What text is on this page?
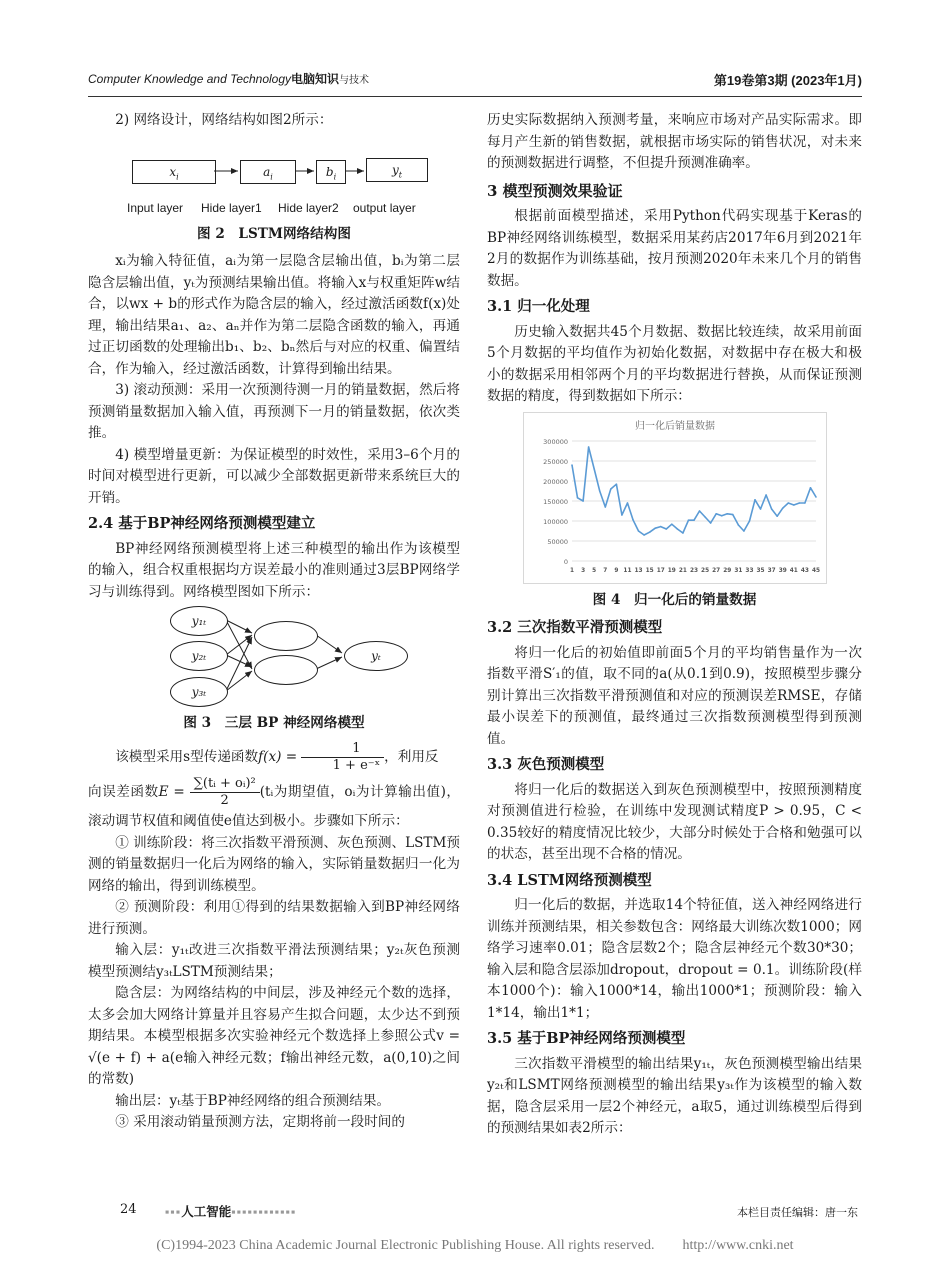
Computer Knowledge and Technology电脑知识与技术	第19卷第3期 (2023年1月)

2) 网络设计，网络结构如图2所示：

$x_i$	$a_i$	$b_i$	$y_t$
Input layer Hide layer1 Hide layer2 output layer

图 2　LSTM网络结构图

xᵢ为输入特征值，aᵢ为第一层隐含层输出值，bᵢ为第二层隐含层输出值，yₜ为预测结果输出值。将输入x与权重矩阵w结合，以wx + b的形式作为隐含层的输入，经过激活函数f(x)处理，输出结果a₁、a₂、aₙ并作为第二层隐含函数的输入，再通过正切函数的处理输出b₁、b₂、bₙ然后与对应的权重、偏置结合，作为输入，经过激活函数，计算得到输出结果。

3) 滚动预测：采用一次预测待测一月的销量数据，然后将预测销量数据加入输入值，再预测下一月的销量数据，依次类推。

4) 模型增量更新：为保证模型的时效性，采用3–6个月的时间对模型进行更新，可以减少全部数据更新带来系统巨大的开销。

2.4 基于BP神经网络预测模型建立

BP神经网络预测模型将上述三种模型的输出作为该模型的输入，组合权重根据均方误差最小的准则通过3层BP网络学习与训练得到。网络模型图如下所示：

y₁ₜ
y₂ₜ
y₃ₜ
yₜ

图 3　三层 BP 神经网络模型

该模型采用s型传递函数$f(x) = \frac{1}{\text{1 + e⁻ˣ}}$ ，利用反

向误差函数$E = \frac{\text{∑(tᵢ + oᵢ)²}}{2}$ (tᵢ为期望值，oᵢ为计算输出值)，滚动调节权值和阈值使e值达到极小。步骤如下所示：

① 训练阶段：将三次指数平滑预测、灰色预测、LSTM预测的销量数据归一化后为网络的输入，实际销量数据归一化为网络的输出，得到训练模型。

② 预测阶段：利用①得到的结果数据输入到BP神经网络进行预测。

输入层：y₁ₜ改进三次指数平滑法预测结果；y₂ₜ灰色预测模型预测结y₃ₜLSTM预测结果；

隐含层：为网络结构的中间层，涉及神经元个数的选择，太多会加大网络计算量并且容易产生拟合问题，太少达不到预期结果。本模型根据多次实验神经元个数选择上参照公式v = √(e + f) + a(e输入神经元数；f输出神经元数，a(0,10)之间的常数)

输出层：yₜ基于BP神经网络的组合预测结果。

③ 采用滚动销量预测方法，定期将前一段时间的

历史实际数据纳入预测考量，来响应市场对产品实际需求。即每月产生新的销售数据，就根据市场实际的销售状况，对未来的预测数据进行调整，不但提升预测准确率。

3 模型预测效果验证

根据前面模型描述，采用Python代码实现基于Keras的BP神经网络训练模型，数据采用某药店2017年6月到2021年2月的数据作为训练基础，按月预测2020年未来几个月的销售数据。

3.1 归一化处理

历史输入数据共45个月数据、数据比较连续，故采用前面5个月数据的平均值作为初始化数据，对数据中存在极大和极小的数据采用相邻两个月的平均数据进行替换，从而保证预测数据的精度，得到数据如下所示：

归一化后销量数据
0
50000
100000
150000
200000
250000
300000
1 3 5 7 9 11 13 15 17 19 21 23 25 27 29 31 33 35 37 39 41 43 45

图 4　归一化后的销量数据

3.2 三次指数平滑预测模型

将归一化后的初始值即前面5个月的平均销售量作为一次指数平滑S′₁的值，取不同的a(从0.1到0.9)，按照模型步骤分别计算出三次指数平滑预测值和对应的预测误差RMSE，存储最小误差下的预测值，最终通过三次指数预测模型得到预测值。

3.3 灰色预测模型

将归一化后的数据送入到灰色预测模型中，按照预测精度对预测值进行检验，在训练中发现测试精度P > 0.95，C < 0.35较好的精度情况比较少，大部分时候处于合格和勉强可以的状态，甚至出现不合格的情况。

3.4 LSTM网络预测模型

归一化后的数据，并选取14个特征值，送入神经网络进行训练并预测结果，相关参数包含：网络最大训练次数1000；网络学习速率0.01；隐含层数2个；隐含层神经元个数30*30；输入层和隐含层添加dropout，dropout = 0.1。训练阶段(样本1000个)：输入1000*14，输出1000*1；预测阶段：输入1*14，输出1*1；

3.5 基于BP神经网络预测模型

三次指数平滑模型的输出结果y₁ₜ，灰色预测模型输出结果y₂ₜ和LSMT网络预测模型的输出结果y₃ₜ作为该模型的输入数据，隐含层采用一层2个神经元，a取5，通过训练模型后得到的预测结果如表2所示：

24 ▪▪▪人工智能▪▪▪▪▪▪▪▪▪▪▪▪	本栏目责任编辑：唐一东
(C)1994-2023 China Academic Journal Electronic Publishing House. All rights reserved.　　http://www.cnki.net
